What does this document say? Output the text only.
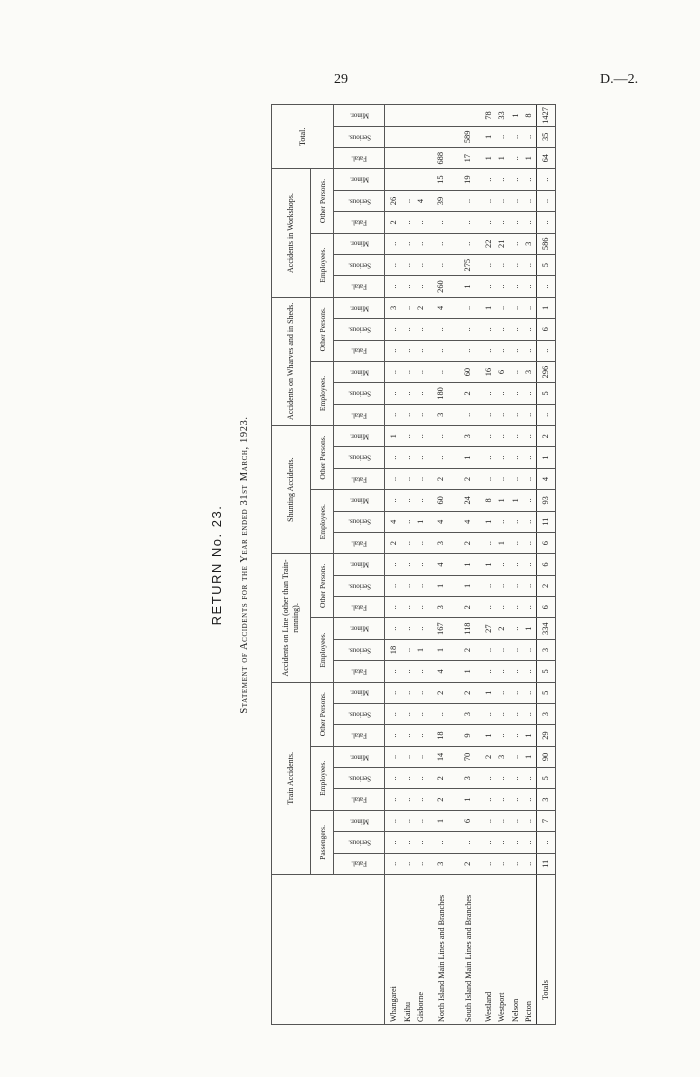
29	D.—2.
RETURN No. 23. Statement of Accidents for the Year ended 31st March, 1923.
	Train Accidents.									Accidents on Line (other than Train-running).						Shunting Accidents.						Accidents on Wharves and in Sheds.						Accidents in Workshops.						Total.		
	Passengers.			Employees.			Other Persons.			Employees.			Other Persons.			Employees.			Other Persons.			Employees.			Other Persons.			Employees.			Other Persons.					
	Fatal.	Serious.	Minor.	Fatal.	Serious.	Minor.	Fatal.	Serious.	Minor.	Fatal.	Serious.	Minor.	Fatal.	Serious.	Minor.	Fatal.	Serious.	Minor.	Fatal.	Serious.	Minor.	Fatal.	Serious.	Minor.	Fatal.	Serious.	Minor.	Fatal.	Serious.	Minor.	Fatal.	Serious.	Minor.	Fatal.	Serious.	Minor.
Whangarei	..	..	..	..	..	..	..	..	..	..	18	..	..	..	..	2	4	..	..	..	1	..	..	..	..	..	3	..	..	..	2	26				
Kaihu	..	..	..	..	..	..	..	..	..	..	..	..	..	..	..	..	..	..	..	..	..	..	..	..	..	..	..	..	..	..	..	..				
Gisborne	..	..	..	..	..	..	..	..	..	..	1	..	..	..	..	..	1	..	..	..	..	..	..	..	..	..	2	..	..	..	..	4				
North Island Main Lines and Branches	3	..	1	2	2	14	18	..	2	4	1	167	3	1	4	3	4	60	2	..	..	3	180	..	..	..	4	260	..	..	..	39	15	688		
South Island Main Lines and Branches	2	..	6	1	3	70	9	3	2	1	2	118	2	1	1	2	4	24	2	1	3	..	2	60	..	..	..	1	275	..	..	..	19	17	589	
Westland	..	..	..	..	..	2	1	..	1	..	..	27	..	..	1	..	1	8	..	..	..	..	..	16	..	..	1	..	..	22	..	..	..	1	1	78
Westport	..	..	..	..	..	3	..	..	..	..	..	2	..	..	..	1	..	1	..	..	..	..	..	6	..	..	..	..	..	21	..	..	..	1	..	33
Nelson	..	..	..	..	..	..	..	..	..	..	..	..	..	..	..	..	..	1	..	..	..	..	..	..	..	..	..	..	..	..	..	..	..	..	..	1
Picton	..	..	..	..	..	1	1	..	..	..	..	1	..	..	..	..	..	..	..	..	..	..	..	3	..	..	..	..	..	3	..	..	..	1	..	8
Totals	11	..	7	3	5	90	29	3	5	5	3	334	6	2	6	6	11	93	4	1	2	..	5	296	..	6	1	..	5	586	..	..	..	64	35	1427
